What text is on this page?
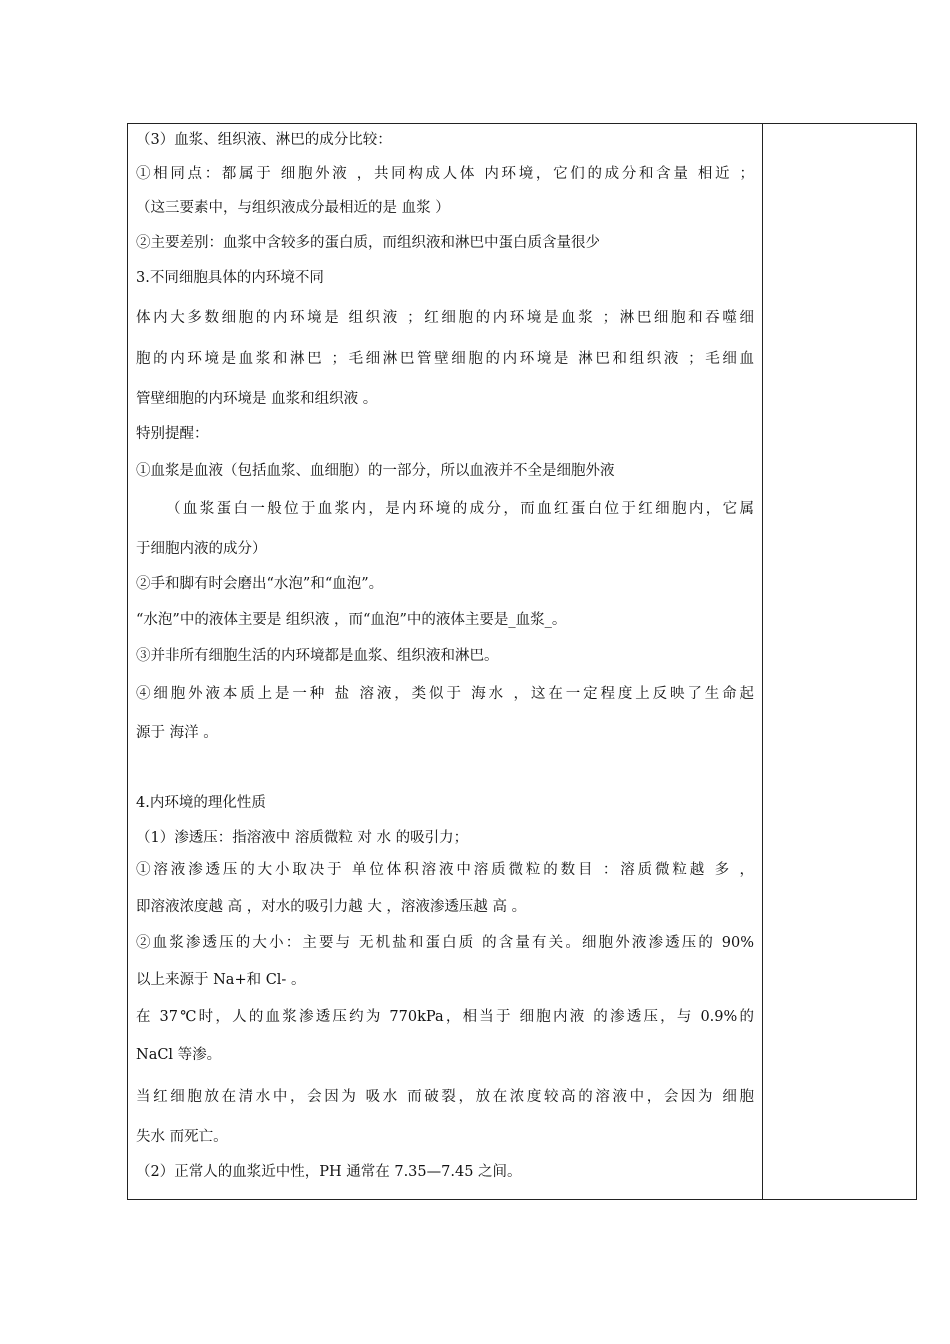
（3）血浆、组织液、淋巴的成分比较：
①相同点：都属于 细胞外液 ，共同构成人体 内环境，它们的成分和含量 相近 ；
（这三要素中，与组织液成分最相近的是 血浆 ）
②主要差别：血浆中含较多的蛋白质，而组织液和淋巴中蛋白质含量很少
3.不同细胞具体的内环境不同
体内大多数细胞的内环境是 组织液 ；红细胞的内环境是血浆 ；淋巴细胞和吞噬细
胞的内环境是血浆和淋巴 ；毛细淋巴管壁细胞的内环境是 淋巴和组织液 ；毛细血
管壁细胞的内环境是 血浆和组织液 。
特别提醒：
①血浆是血液（包括血浆、血细胞）的一部分，所以血液并不全是细胞外液
（血浆蛋白一般位于血浆内，是内环境的成分，而血红蛋白位于红细胞内，它属
于细胞内液的成分）
②手和脚有时会磨出“水泡”和“血泡”。
“水泡”中的液体主要是 组织液 ，而“血泡”中的液体主要是_血浆_。
③并非所有细胞生活的内环境都是血浆、组织液和淋巴。
④细胞外液本质上是一种 盐 溶液，类似于 海水 ，这在一定程度上反映了生命起
源于 海洋 。
4.内环境的理化性质
（1）渗透压：指溶液中 溶质微粒 对 水 的吸引力；
①溶液渗透压的大小取决于 单位体积溶液中溶质微粒的数目 ：溶质微粒越 多 ，
即溶液浓度越 高 ，对水的吸引力越 大 ，溶液渗透压越 高 。
②血浆渗透压的大小：主要与 无机盐和蛋白质 的含量有关。细胞外液渗透压的 90%
以上来源于 Na+和 Cl- 。
在 37℃时，人的血浆渗透压约为 770kPa，相当于 细胞内液 的渗透压，与 0.9%的
NaCl 等渗。
当红细胞放在清水中，会因为 吸水 而破裂，放在浓度较高的溶液中，会因为 细胞
失水 而死亡。
（2）正常人的血浆近中性，PH 通常在 7.35—7.45 之间。
